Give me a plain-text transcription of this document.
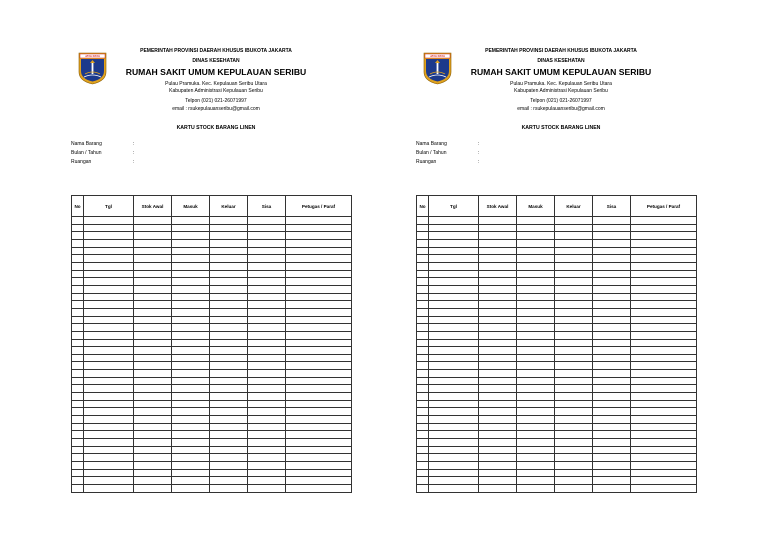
JAYA RAYA
PEMERINTAH PROVINSI DAERAH KHUSUS IBUKOTA JAKARTA
DINAS KESEHATAN
RUMAH SAKIT UMUM KEPULAUAN SERIBU
Pulau Pramuka. Kec. Kepulauan Seribu Utara
Kabupaten Administrasi Kepulauan Seribu
Telpon (021) 021-26071997
email : rsukepulauanseribu@gmail.com
KARTU STOCK BARANG LINEN
Nama Barang	:
Bulan / Tahun	:
Ruangan	:
No	Tgl	Stok Awal	Masuk	Keluar	Sisa	Petugas / Paraf

JAYA RAYA
PEMERINTAH PROVINSI DAERAH KHUSUS IBUKOTA JAKARTA
DINAS KESEHATAN
RUMAH SAKIT UMUM KEPULAUAN SERIBU
Pulau Pramuka. Kec. Kepulauan Seribu Utara
Kabupaten Administrasi Kepulauan Seribu
Telpon (021) 021-26071997
email : rsukepulauanseribu@gmail.com
KARTU STOCK BARANG LINEN
Nama Barang	:
Bulan / Tahun	:
Ruangan	:
No	Tgl	Stok Awal	Masuk	Keluar	Sisa	Petugas / Paraf
